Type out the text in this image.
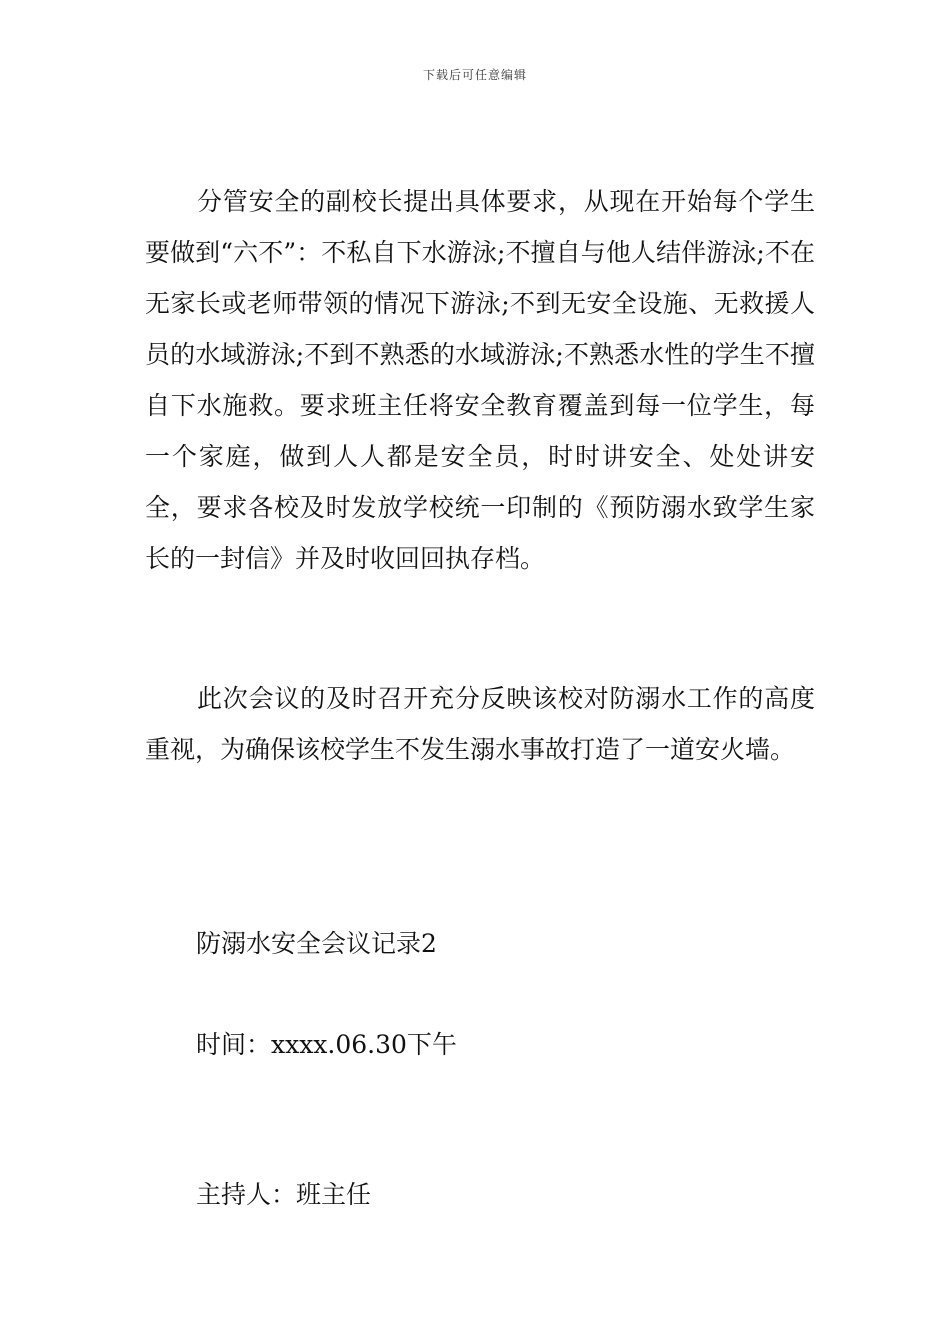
下载后可任意编辑

分管安全的副校长提出具体要求，从现在开始每个学生要做到“六不”：不私自下水游泳;不擅自与他人结伴游泳;不在无家长或老师带领的情况下游泳;不到无安全设施、无救援人员的水域游泳;不到不熟悉的水域游泳;不熟悉水性的学生不擅自下水施救。要求班主任将安全教育覆盖到每一位学生，每一个家庭，做到人人都是安全员，时时讲安全、处处讲安全，要求各校及时发放学校统一印制的《预防溺水致学生家长的一封信》并及时收回回执存档。

此次会议的及时召开充分反映该校对防溺水工作的高度重视，为确保该校学生不发生溺水事故打造了一道安火墙。

防溺水安全会议记录2

时间：xxxx.06.30下午

主持人：班主任
